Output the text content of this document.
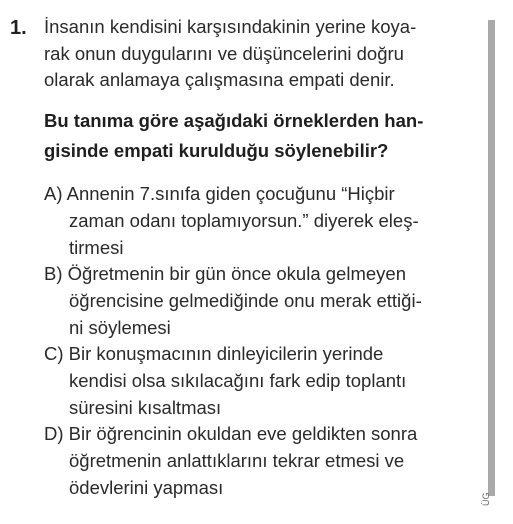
1. İnsanın kendisini karşısındakinin yerine koya-
rak onun duygularını ve düşüncelerini doğru
olarak anlamaya çalışmasına empati denir.
Bu tanıma göre aşağıdaki örneklerden han-
gisinde empati kurulduğu söylenebilir?
A) Annenin 7.sınıfa giden çocuğunu “Hiçbir
zaman odanı toplamıyorsun.” diyerek eleş-
tirmesi
B) Öğretmenin bir gün önce okula gelmeyen
öğrencisine gelmediğinde onu merak ettiği-
ni söylemesi
C) Bir konuşmacının dinleyicilerin yerinde
kendisi olsa sıkılacağını fark edip toplantı
süresini kısaltması
D) Bir öğrencinin okuldan eve geldikten sonra
öğretmenin anlattıklarını tekrar etmesi ve
ödevlerini yapması
ÜG
